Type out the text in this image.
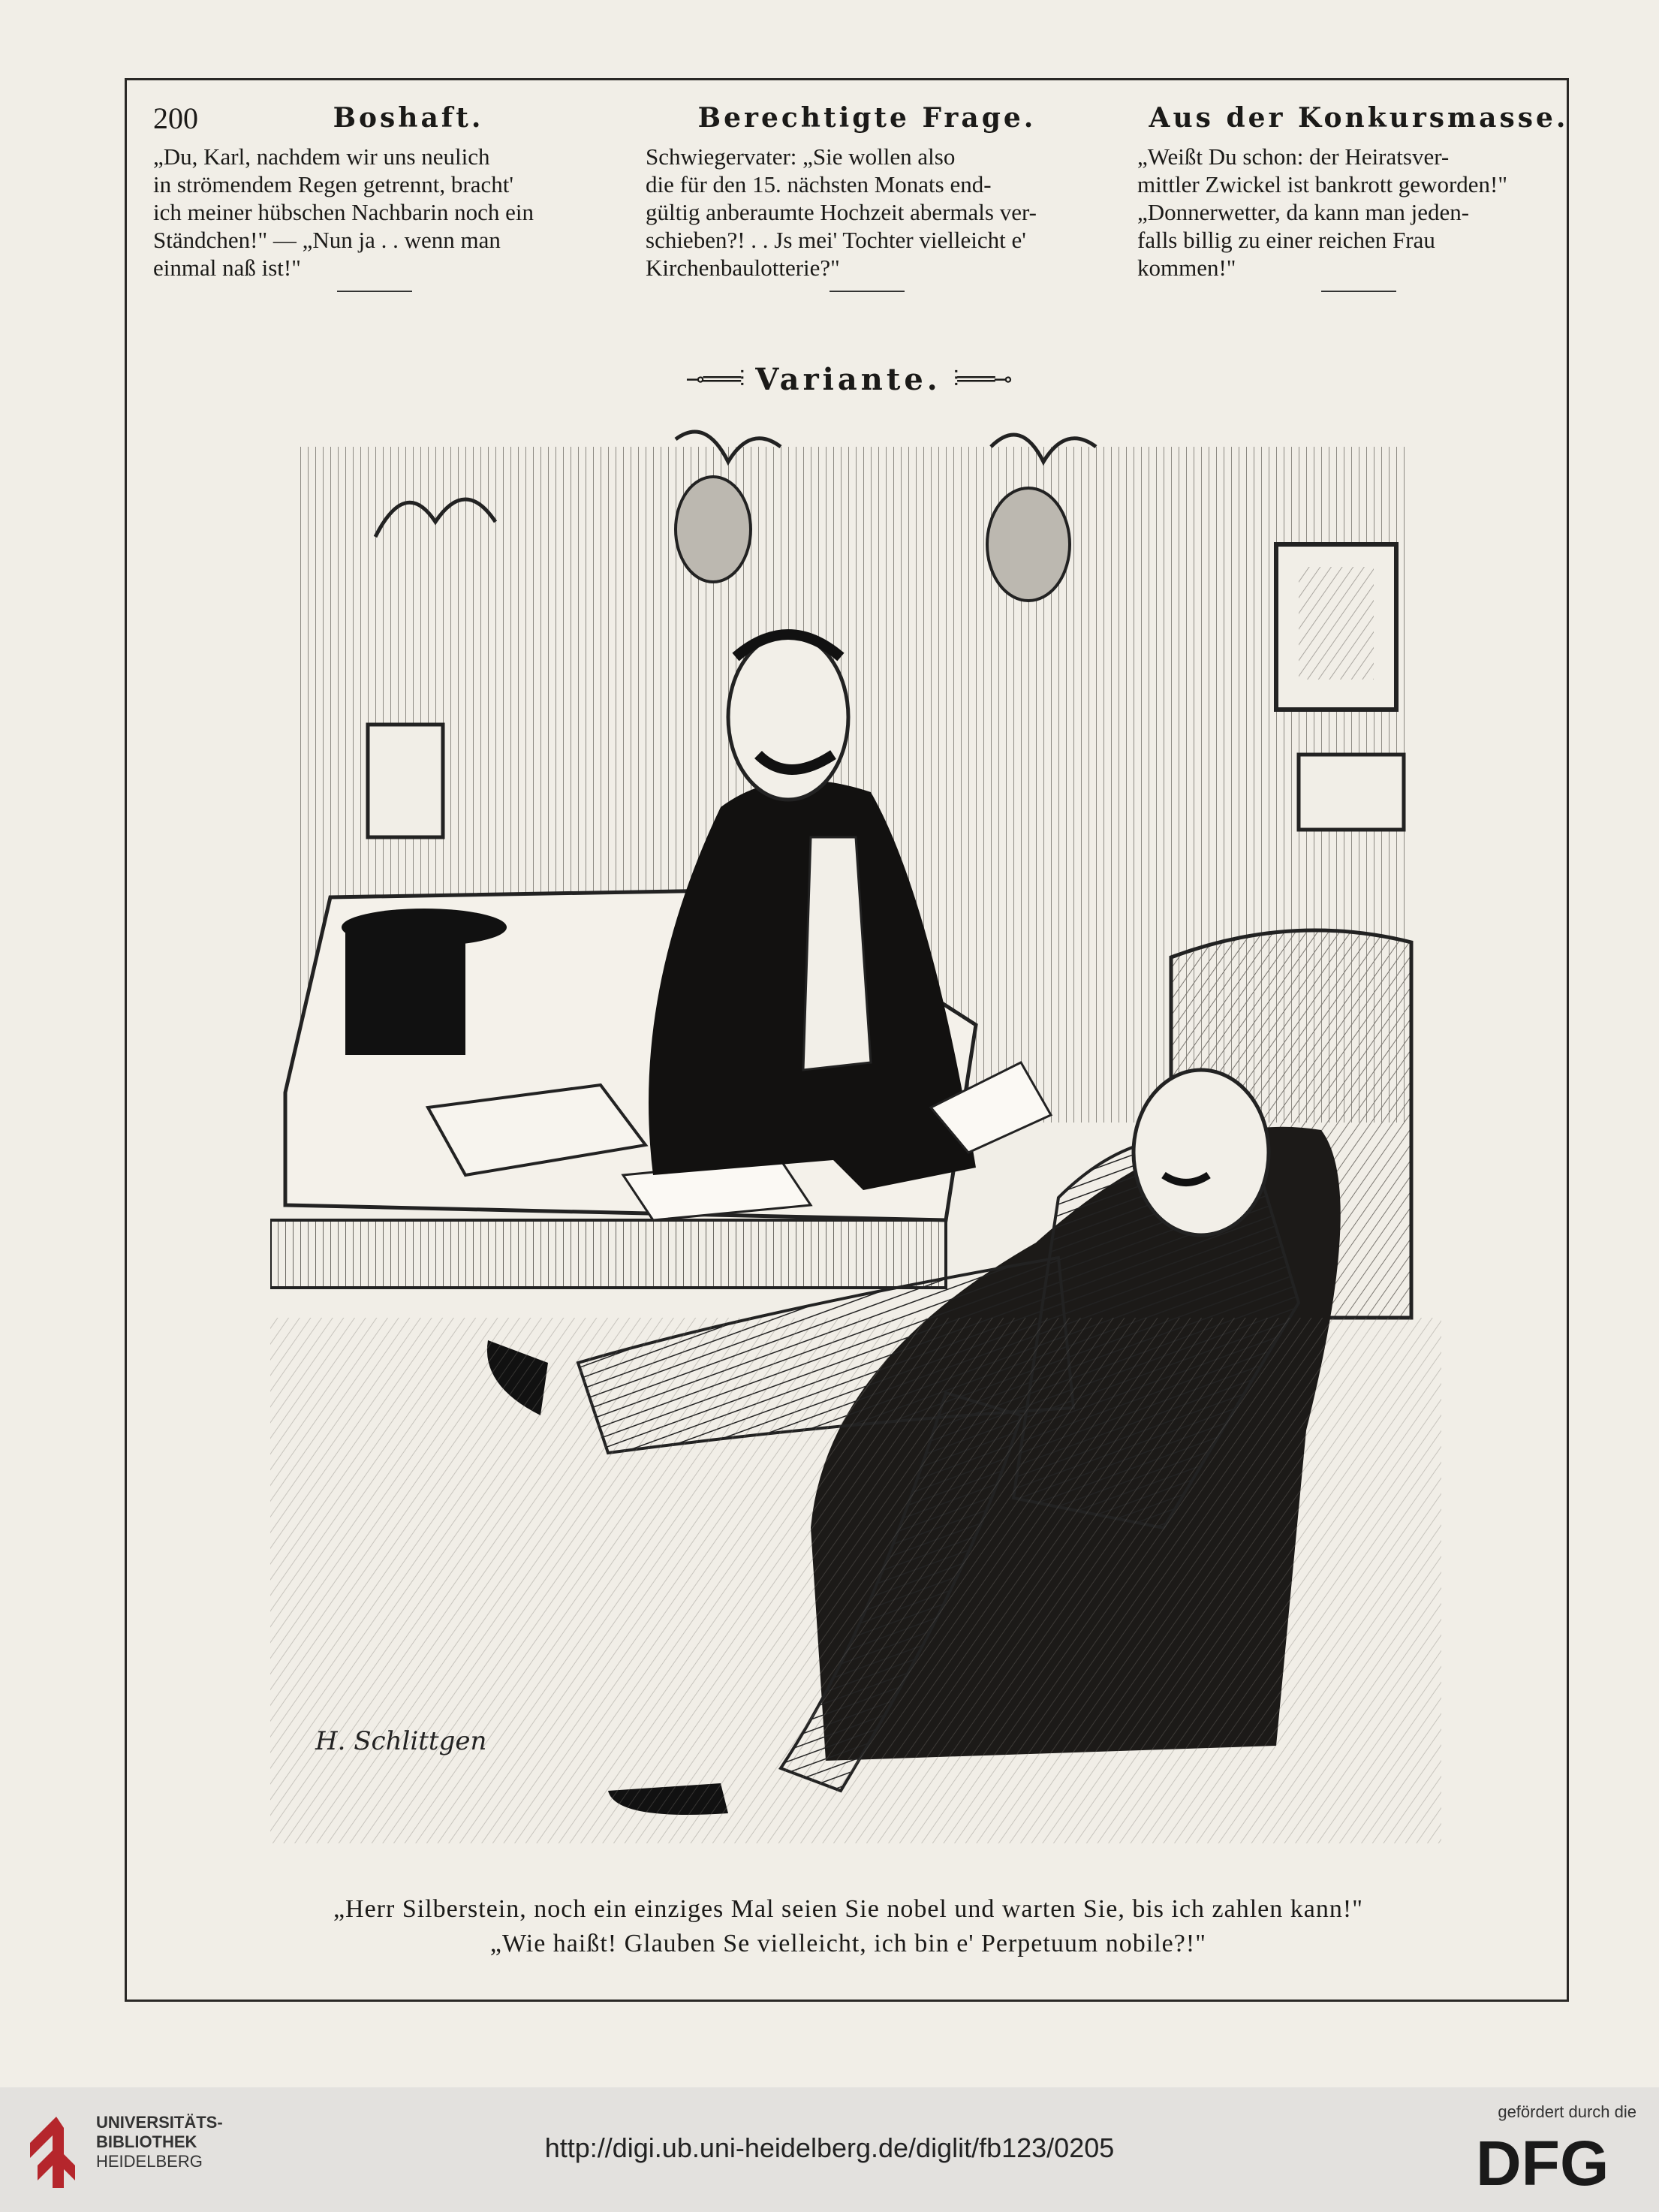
200	Boshaft.

„Du, Karl, nachdem wir uns neulich
in strömendem Regen getrennt, bracht'
ich meiner hübschen Nachbarin noch ein
Ständchen!" — „Nun ja . . wenn man
einmal naß ist!"

Berechtigte Frage.

Schwiegervater: „Sie wollen also
die für den 15. nächsten Monats end-
gültig anberaumte Hochzeit abermals ver-
schieben?! . . Js mei' Tochter vielleicht e'
Kirchenbaulotterie?"

Aus der Konkursmasse.

„Weißt Du schon: der Heiratsver-
mittler Zwickel ist bankrott geworden!"
„Donnerwetter, da kann man jeden-
falls billig zu einer reichen Frau
kommen!"

⊸═══⫶ Variante. ⫶═══⊸
H. Schlittgen
„Herr Silberstein, noch ein einziges Mal seien Sie nobel und warten Sie, bis ich zahlen kann!"
„Wie haißt! Glauben Se vielleicht, ich bin e' Perpetuum nobile?!"
UNIVERSITÄTS-
BIBLIOTHEK
HEIDELBERG	http://digi.ub.uni-heidelberg.de/diglit/fb123/0205
gefördert durch die
DFG
